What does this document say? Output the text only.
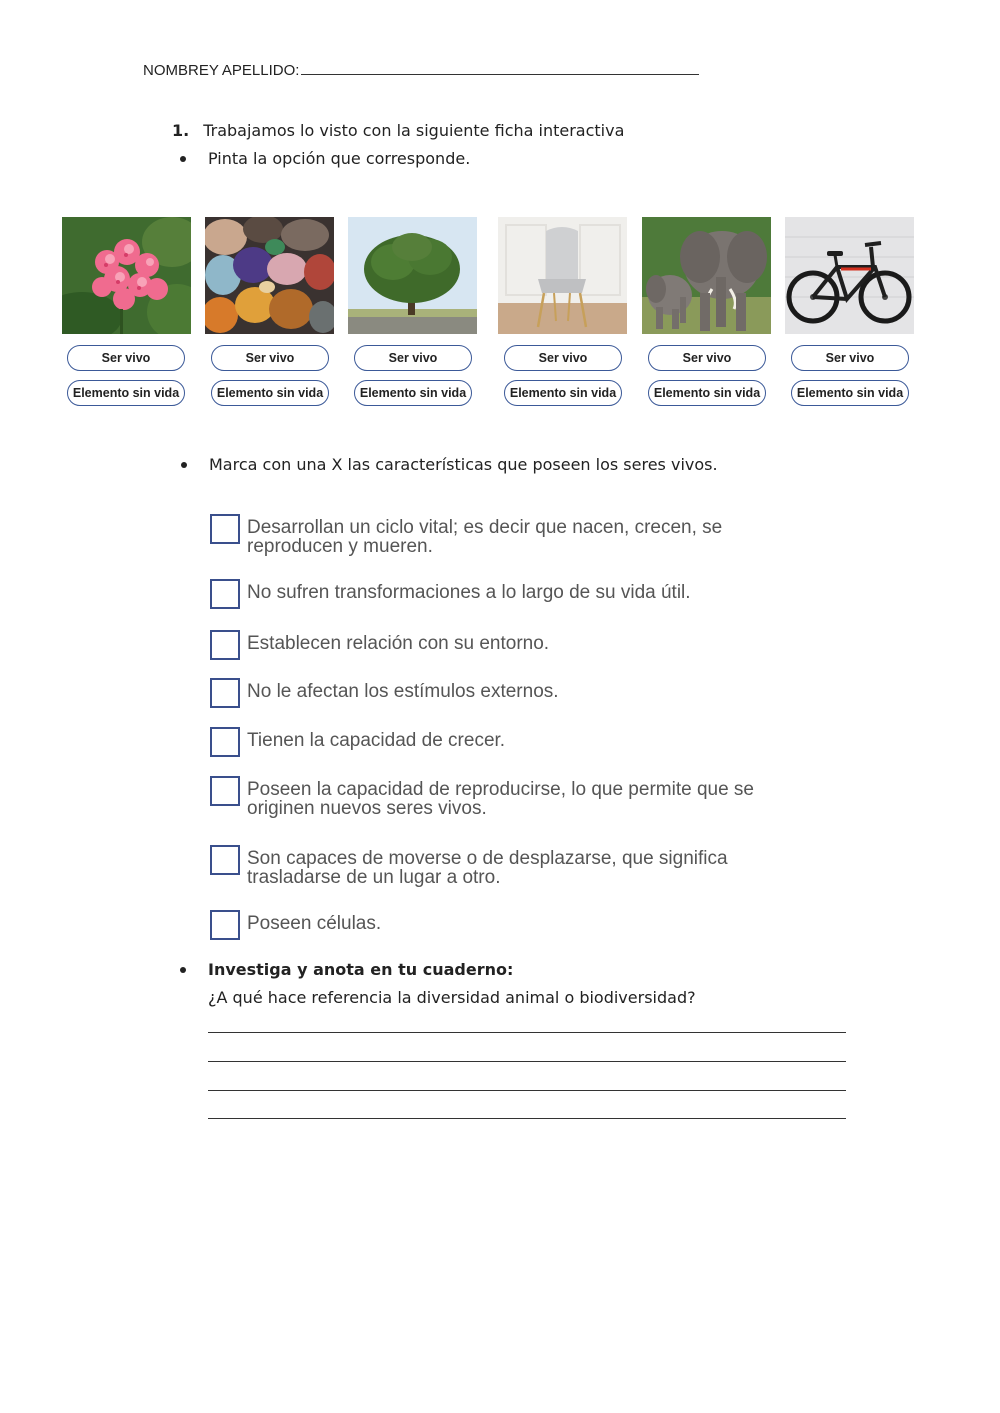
NOMBREY APELLIDO:
1. Trabajamos lo visto con la siguiente ficha interactiva
Pinta la opción que corresponde.
Ser vivo
Elemento sin vida
Ser vivo
Elemento sin vida
Ser vivo
Elemento sin vida
Ser vivo
Elemento sin vida
Ser vivo
Elemento sin vida
Ser vivo
Elemento sin vida
Marca con una X las características que poseen los seres vivos.
Desarrollan un ciclo vital; es decir que nacen, crecen, se
reproducen y mueren.
No sufren transformaciones a lo largo de su vida útil.
Establecen relación con su entorno.
No le afectan los estímulos externos.
Tienen la capacidad de crecer.
Poseen la capacidad de reproducirse, lo que permite que se
originen nuevos seres vivos.
Son capaces de moverse o de desplazarse, que significa
trasladarse de un lugar a otro.
Poseen células.
Investiga y anota en tu cuaderno:
¿A qué hace referencia la diversidad animal o biodiversidad?
